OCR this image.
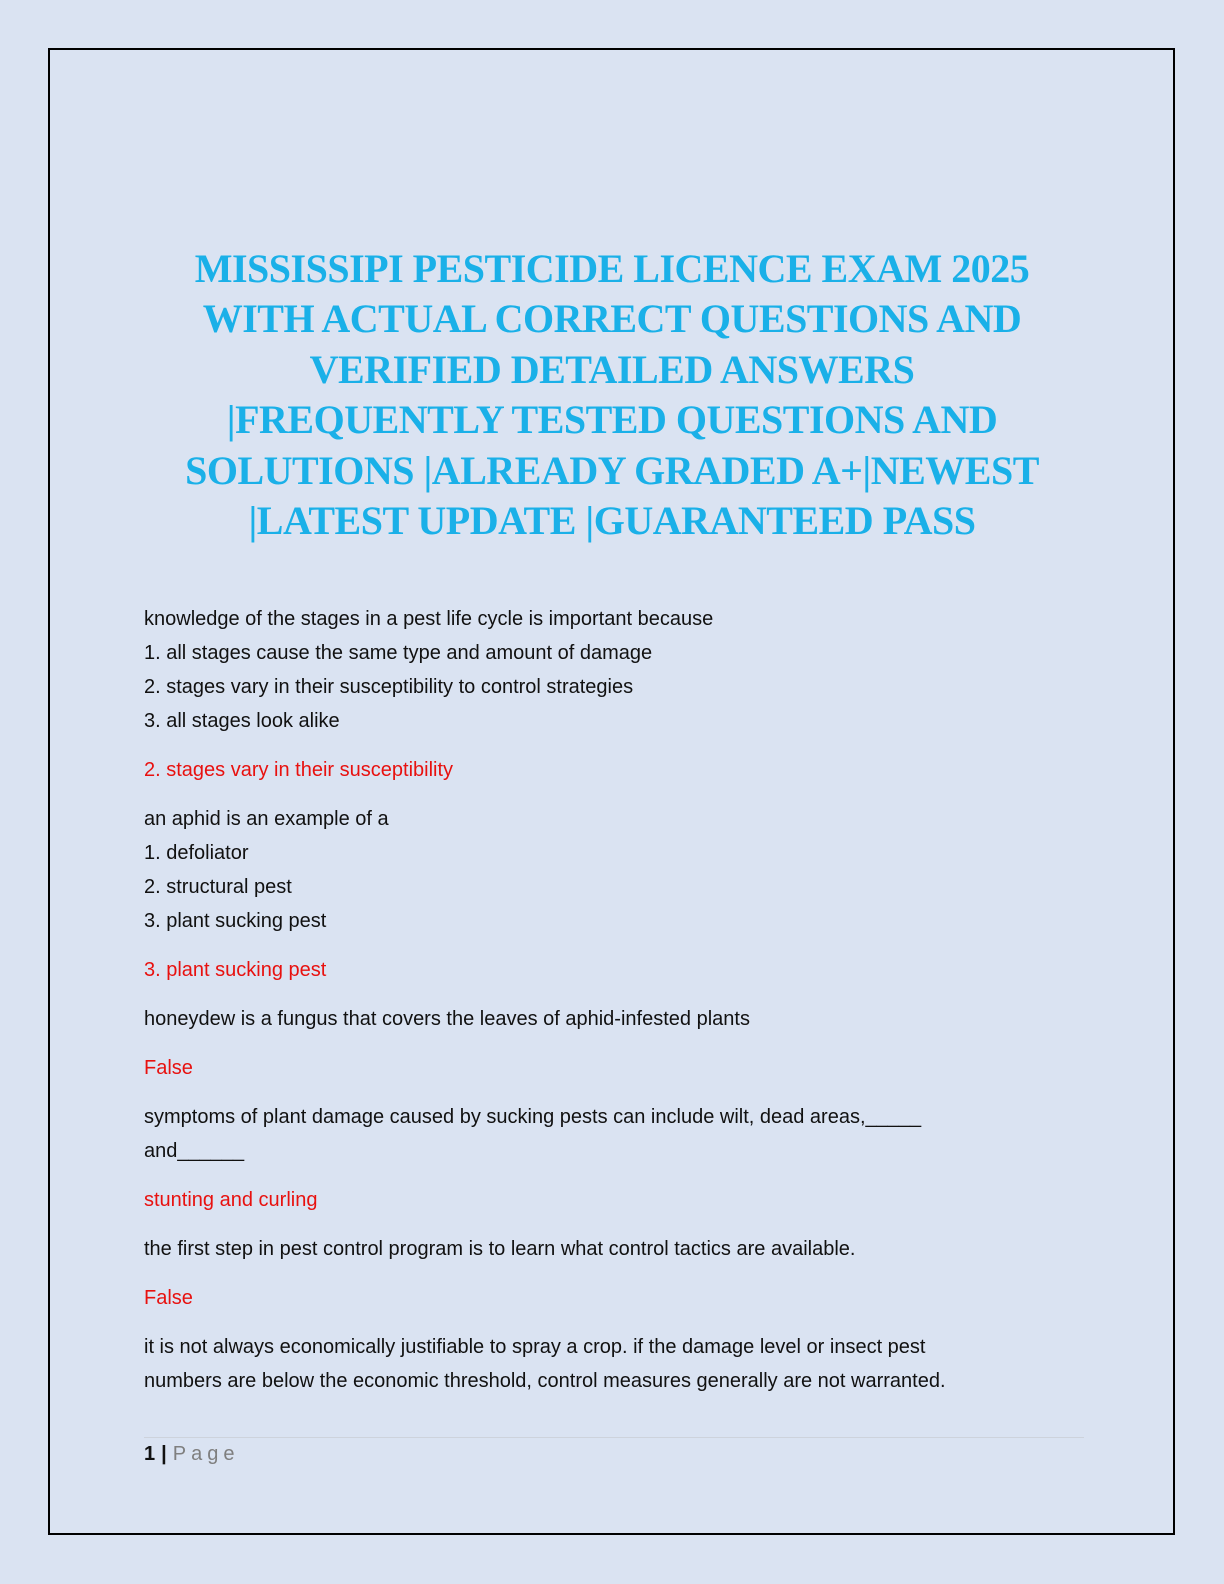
MISSISSIPI PESTICIDE LICENCE EXAM 2025
WITH ACTUAL CORRECT QUESTIONS AND
VERIFIED DETAILED ANSWERS
|FREQUENTLY TESTED QUESTIONS AND
SOLUTIONS |ALREADY GRADED A+|NEWEST
|LATEST UPDATE |GUARANTEED PASS
knowledge of the stages in a pest life cycle is important because
1. all stages cause the same type and amount of damage
2. stages vary in their susceptibility to control strategies
3. all stages look alike
2. stages vary in their susceptibility
an aphid is an example of a
1. defoliator
2. structural pest
3. plant sucking pest
3. plant sucking pest
honeydew is a fungus that covers the leaves of aphid-infested plants
False
symptoms of plant damage caused by sucking pests can include wilt, dead areas,_____
and______
stunting and curling
the first step in pest control program is to learn what control tactics are available.
False
it is not always economically justifiable to spray a crop. if the damage level or insect pest
numbers are below the economic threshold, control measures generally are not warranted.
1 | Page
